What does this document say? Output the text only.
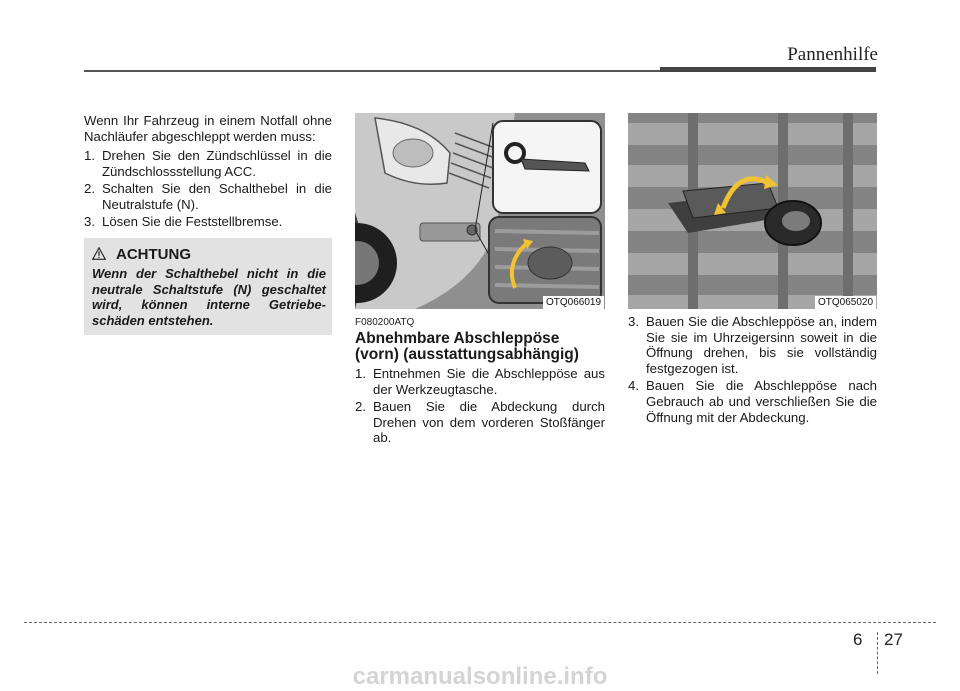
Pannenhilfe
Wenn Ihr Fahrzeug in einem Notfall ohne Nachläufer abgeschleppt werden muss:
1. Drehen Sie den Zündschlüssel in die Zündschlossstellung ACC.
2. Schalten Sie den Schalthebel in die Neutralstufe (N).
3. Lösen Sie die Feststellbremse.
ACHTUNG
Wenn der Schalthebel nicht in die neutrale Schaltstufe (N) geschaltet wird, können interne Getriebe-schäden entstehen.
OTQ066019	OTQ065020
F080200ATQ
Abnehmbare Abschleppöse (vorn) (ausstattungsabhängig)
1. Entnehmen Sie die Abschleppöse aus der Werkzeugtasche.
2. Bauen Sie die Abdeckung durch Drehen von dem vorderen Stoßfänger ab.
3. Bauen Sie die Abschleppöse an, indem Sie sie im Uhrzeigersinn soweit in die Öffnung drehen, bis sie vollständig festgezogen ist.
4. Bauen Sie die Abschleppöse nach Gebrauch ab und verschließen Sie die Öffnung mit der Abdeckung.
6 27
carmanualsonline.info
